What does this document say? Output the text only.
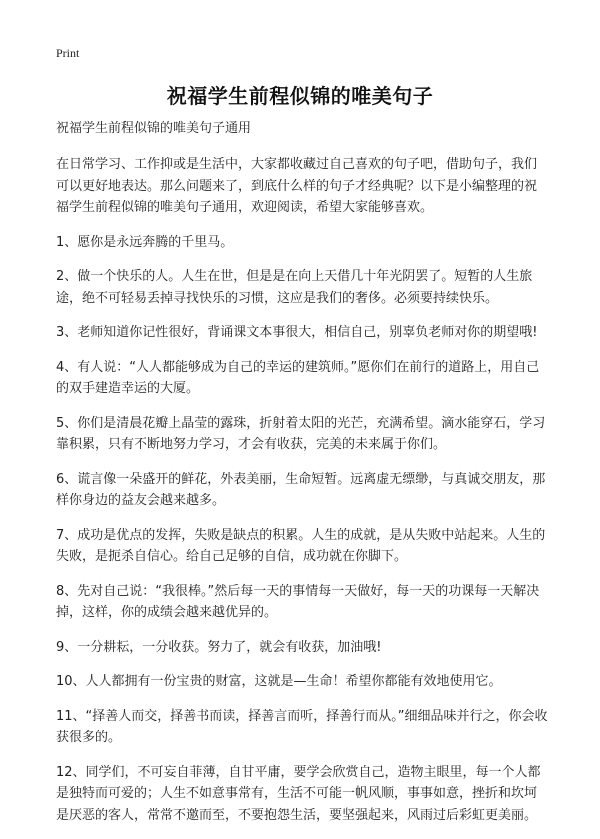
Print
祝福学生前程似锦的唯美句子

祝福学生前程似锦的唯美句子通用

在日常学习、工作抑或是生活中，大家都收藏过自己喜欢的句子吧，借助句子，我们可以更好地表达。那么问题来了，到底什么样的句子才经典呢？以下是小编整理的祝福学生前程似锦的唯美句子通用，欢迎阅读，希望大家能够喜欢。

1、愿你是永远奔腾的千里马。

2、做一个快乐的人。人生在世，但是是在向上天借几十年光阴罢了。短暂的人生旅途，绝不可轻易丢掉寻找快乐的习惯，这应是我们的奢侈。必须要持续快乐。

3、老师知道你记性很好，背诵课文本事很大，相信自己，别辜负老师对你的期望哦!

4、有人说：“人人都能够成为自己的幸运的建筑师。”愿你们在前行的道路上，用自己的双手建造幸运的大厦。

5、你们是清晨花瓣上晶莹的露珠，折射着太阳的光芒，充满希望。滴水能穿石，学习靠积累，只有不断地努力学习，才会有收获，完美的未来属于你们。

6、谎言像一朵盛开的鲜花，外表美丽，生命短暂。远离虚无缥缈，与真诚交朋友，那样你身边的益友会越来越多。

7、成功是优点的发挥，失败是缺点的积累。人生的成就，是从失败中站起来。人生的失败，是扼杀自信心。给自己足够的自信，成功就在你脚下。

8、先对自己说：“我很棒。”然后每一天的事情每一天做好，每一天的功课每一天解决掉，这样，你的成绩会越来越优异的。

9、一分耕耘，一分收获。努力了，就会有收获，加油哦!

10、人人都拥有一份宝贵的财富，这就是—生命！希望你都能有效地使用它。

11、“择善人而交，择善书而读，择善言而听，择善行而从。”细细品味并行之，你会收获很多的。

12、同学们，不可妄自菲薄，自甘平庸，要学会欣赏自己，造物主眼里，每一个人都是独特而可爱的；人生不如意事常有，生活不可能一帆风顺，事事如意，挫折和坎坷是厌恶的客人，常常不邀而至，不要抱怨生活，要坚强起来，风雨过后彩虹更美丽。
